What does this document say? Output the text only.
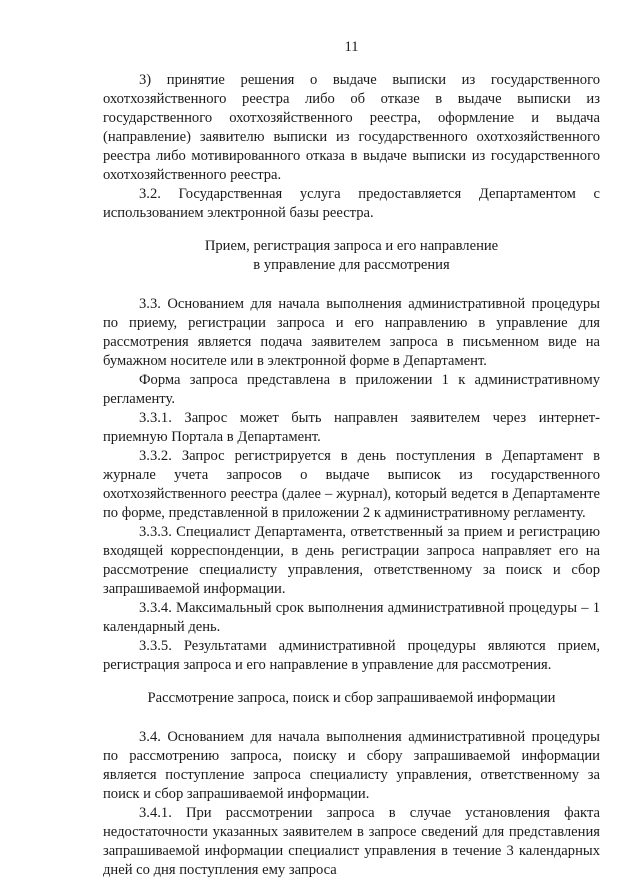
11

3) принятие решения о выдаче выписки из государственного охотхозяйственного реестра либо об отказе в выдаче выписки из государственного охотхозяйственного реестра, оформление и выдача (направление) заявителю выписки из государственного охотхозяйственного реестра либо мотивированного отказа в выдаче выписки из государственного охотхозяйственного реестра.

3.2. Государственная услуга предоставляется Департаментом с использованием электронной базы реестра.

Прием, регистрация запроса и его направление
в управление для рассмотрения

3.3. Основанием для начала выполнения административной процедуры по приему, регистрации запроса и его направлению в управление для рассмотрения является подача заявителем запроса в письменном виде на бумажном носителе или в электронной форме в Департамент.

Форма запроса представлена в приложении 1 к административному регламенту.

3.3.1. Запрос может быть направлен заявителем через интернет-приемную Портала в Департамент.

3.3.2. Запрос регистрируется в день поступления в Департамент в журнале учета запросов о выдаче выписок из государственного охотхозяйственного реестра (далее – журнал), который ведется в Департаменте по форме, представленной в приложении 2 к административному регламенту.

3.3.3. Специалист Департамента, ответственный за прием и регистрацию входящей корреспонденции, в день регистрации запроса направляет его на рассмотрение специалисту управления, ответственному за поиск и сбор запрашиваемой информации.

3.3.4. Максимальный срок выполнения административной процедуры – 1 календарный день.

3.3.5. Результатами административной процедуры являются прием, регистрация запроса и его направление в управление для рассмотрения.

Рассмотрение запроса, поиск и сбор запрашиваемой информации

3.4. Основанием для начала выполнения административной процедуры по рассмотрению запроса, поиску и сбору запрашиваемой информации является поступление запроса специалисту управления, ответственному за поиск и сбор запрашиваемой информации.

3.4.1. При рассмотрении запроса в случае установления факта недостаточности указанных заявителем в запросе сведений для представления запрашиваемой информации специалист управления в течение 3 календарных дней со дня поступления ему запроса
